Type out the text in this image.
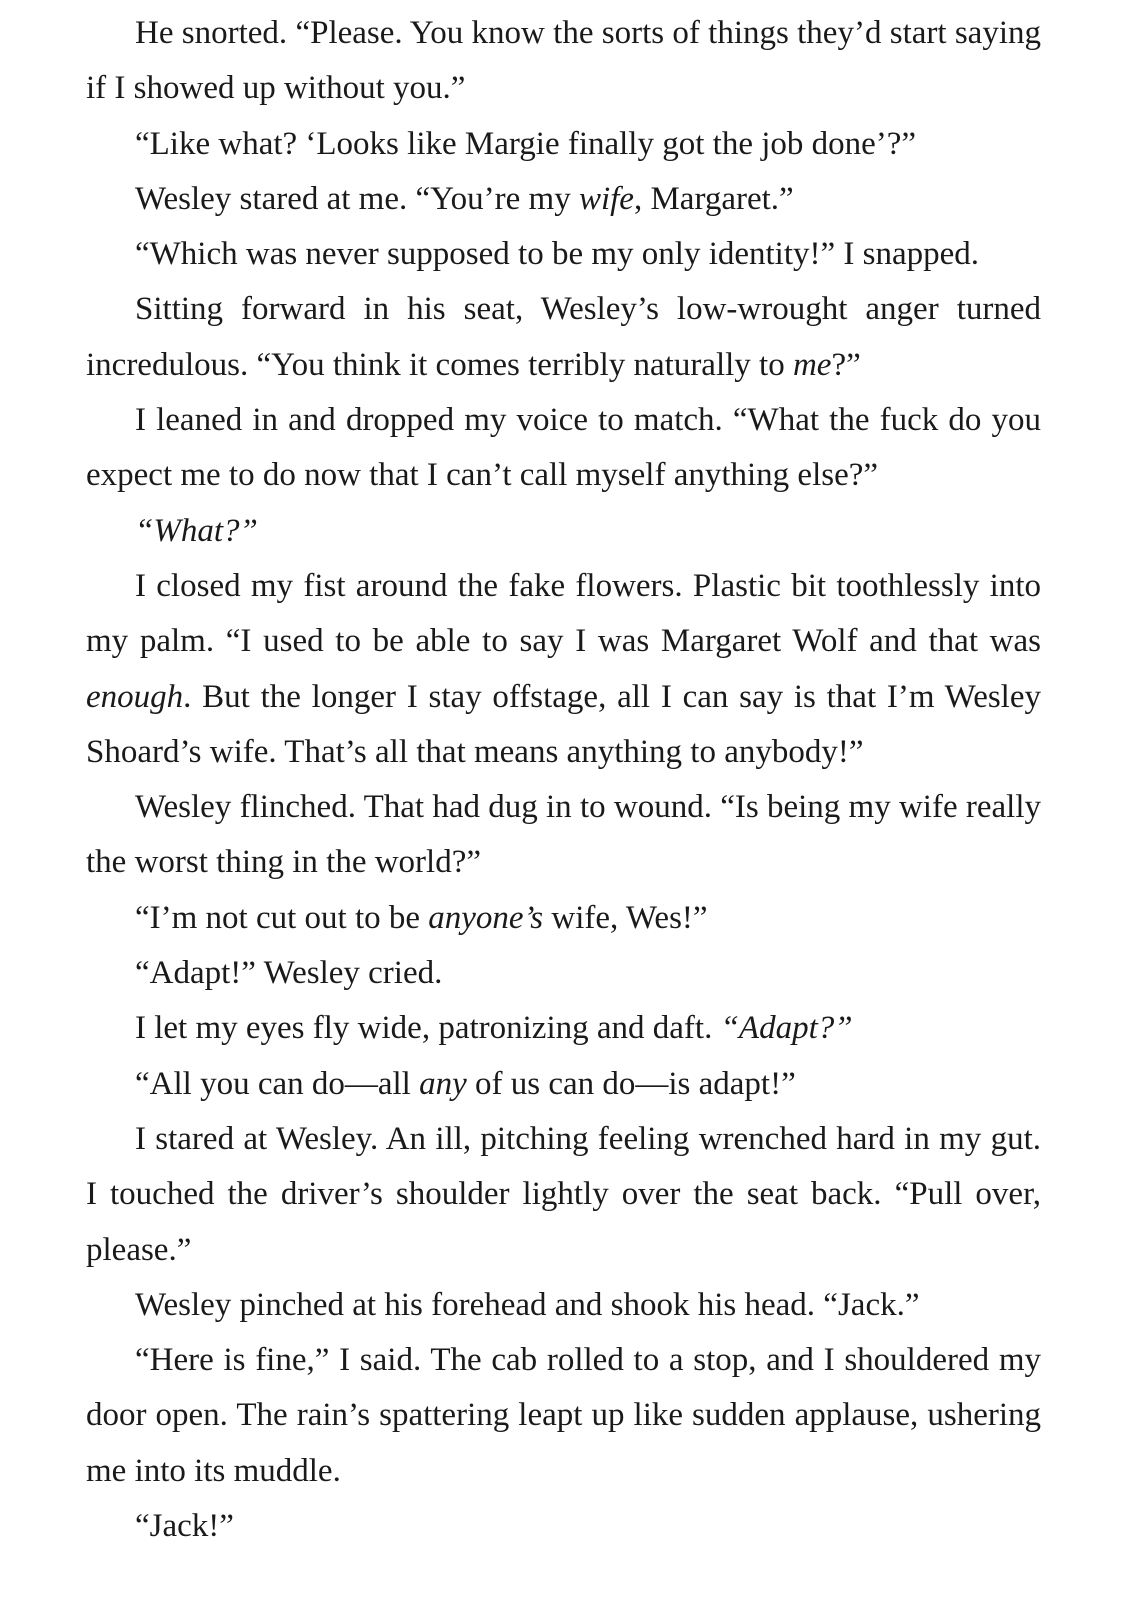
He snorted. “Please. You know the sorts of things they’d start saying if I showed up without you.”

“Like what? ‘Looks like Margie finally got the job done’?”

Wesley stared at me. “You’re my wife, Margaret.”

“Which was never supposed to be my only identity!” I snapped.

Sitting forward in his seat, Wesley’s low-wrought anger turned incredulous. “You think it comes terribly naturally to me?”

I leaned in and dropped my voice to match. “What the fuck do you expect me to do now that I can’t call myself anything else?”

“What?”

I closed my fist around the fake flowers. Plastic bit toothlessly into my palm. “I used to be able to say I was Margaret Wolf and that was enough. But the longer I stay offstage, all I can say is that I’m Wesley Shoard’s wife. That’s all that means anything to anybody!”

Wesley flinched. That had dug in to wound. “Is being my wife really the worst thing in the world?”

“I’m not cut out to be anyone’s wife, Wes!”

“Adapt!” Wesley cried.

I let my eyes fly wide, patronizing and daft. “Adapt?”

“All you can do—all any of us can do—is adapt!”

I stared at Wesley. An ill, pitching feeling wrenched hard in my gut. I touched the driver’s shoulder lightly over the seat back. “Pull over, please.”

Wesley pinched at his forehead and shook his head. “Jack.”

“Here is fine,” I said. The cab rolled to a stop, and I shouldered my door open. The rain’s spattering leapt up like sudden applause, ushering me into its muddle.

“Jack!”
